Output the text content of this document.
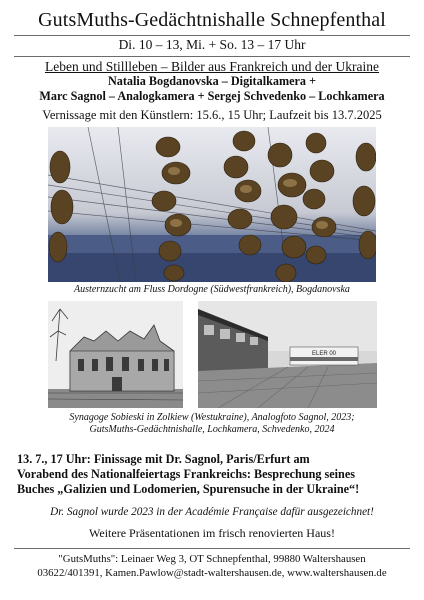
GutsMuths-Gedächtnishalle Schnepfenthal
Di. 10 – 13, Mi. + So. 13 – 17 Uhr
Leben und Stillleben – Bilder aus Frankreich und der Ukraine
Natalia Bogdanovska – Digitalkamera +
Marc Sagnol – Analogkamera + Sergej Schvedenko – Lochkamera
Vernissage mit den Künstlern: 15.6., 15 Uhr; Laufzeit bis 13.7.2025
Austernzucht am Fluss Dordogne (Südwestfrankreich), Bogdanovska
ELER 00
Synagoge Sobieski in Zolkiew (Westukraine), Analogfoto Sagnol, 2023;
GutsMuths-Gedächtnishalle, Lochkamera, Schvedenko, 2024
13. 7., 17 Uhr: Finissage mit Dr. Sagnol, Paris/Erfurt am
Vorabend des Nationalfeiertags Frankreichs: Besprechung seines
Buches „Galizien und Lodomerien, Spurensuche in der Ukraine“!
Dr. Sagnol wurde 2023 in der Académie Française dafür ausgezeichnet!
Weitere Präsentationen im frisch renovierten Haus!
"GutsMuths": Leinaer Weg 3, OT Schnepfenthal, 99880 Waltershausen
03622/401391, Kamen.Pawlow@stadt-waltershausen.de, www.waltershausen.de
